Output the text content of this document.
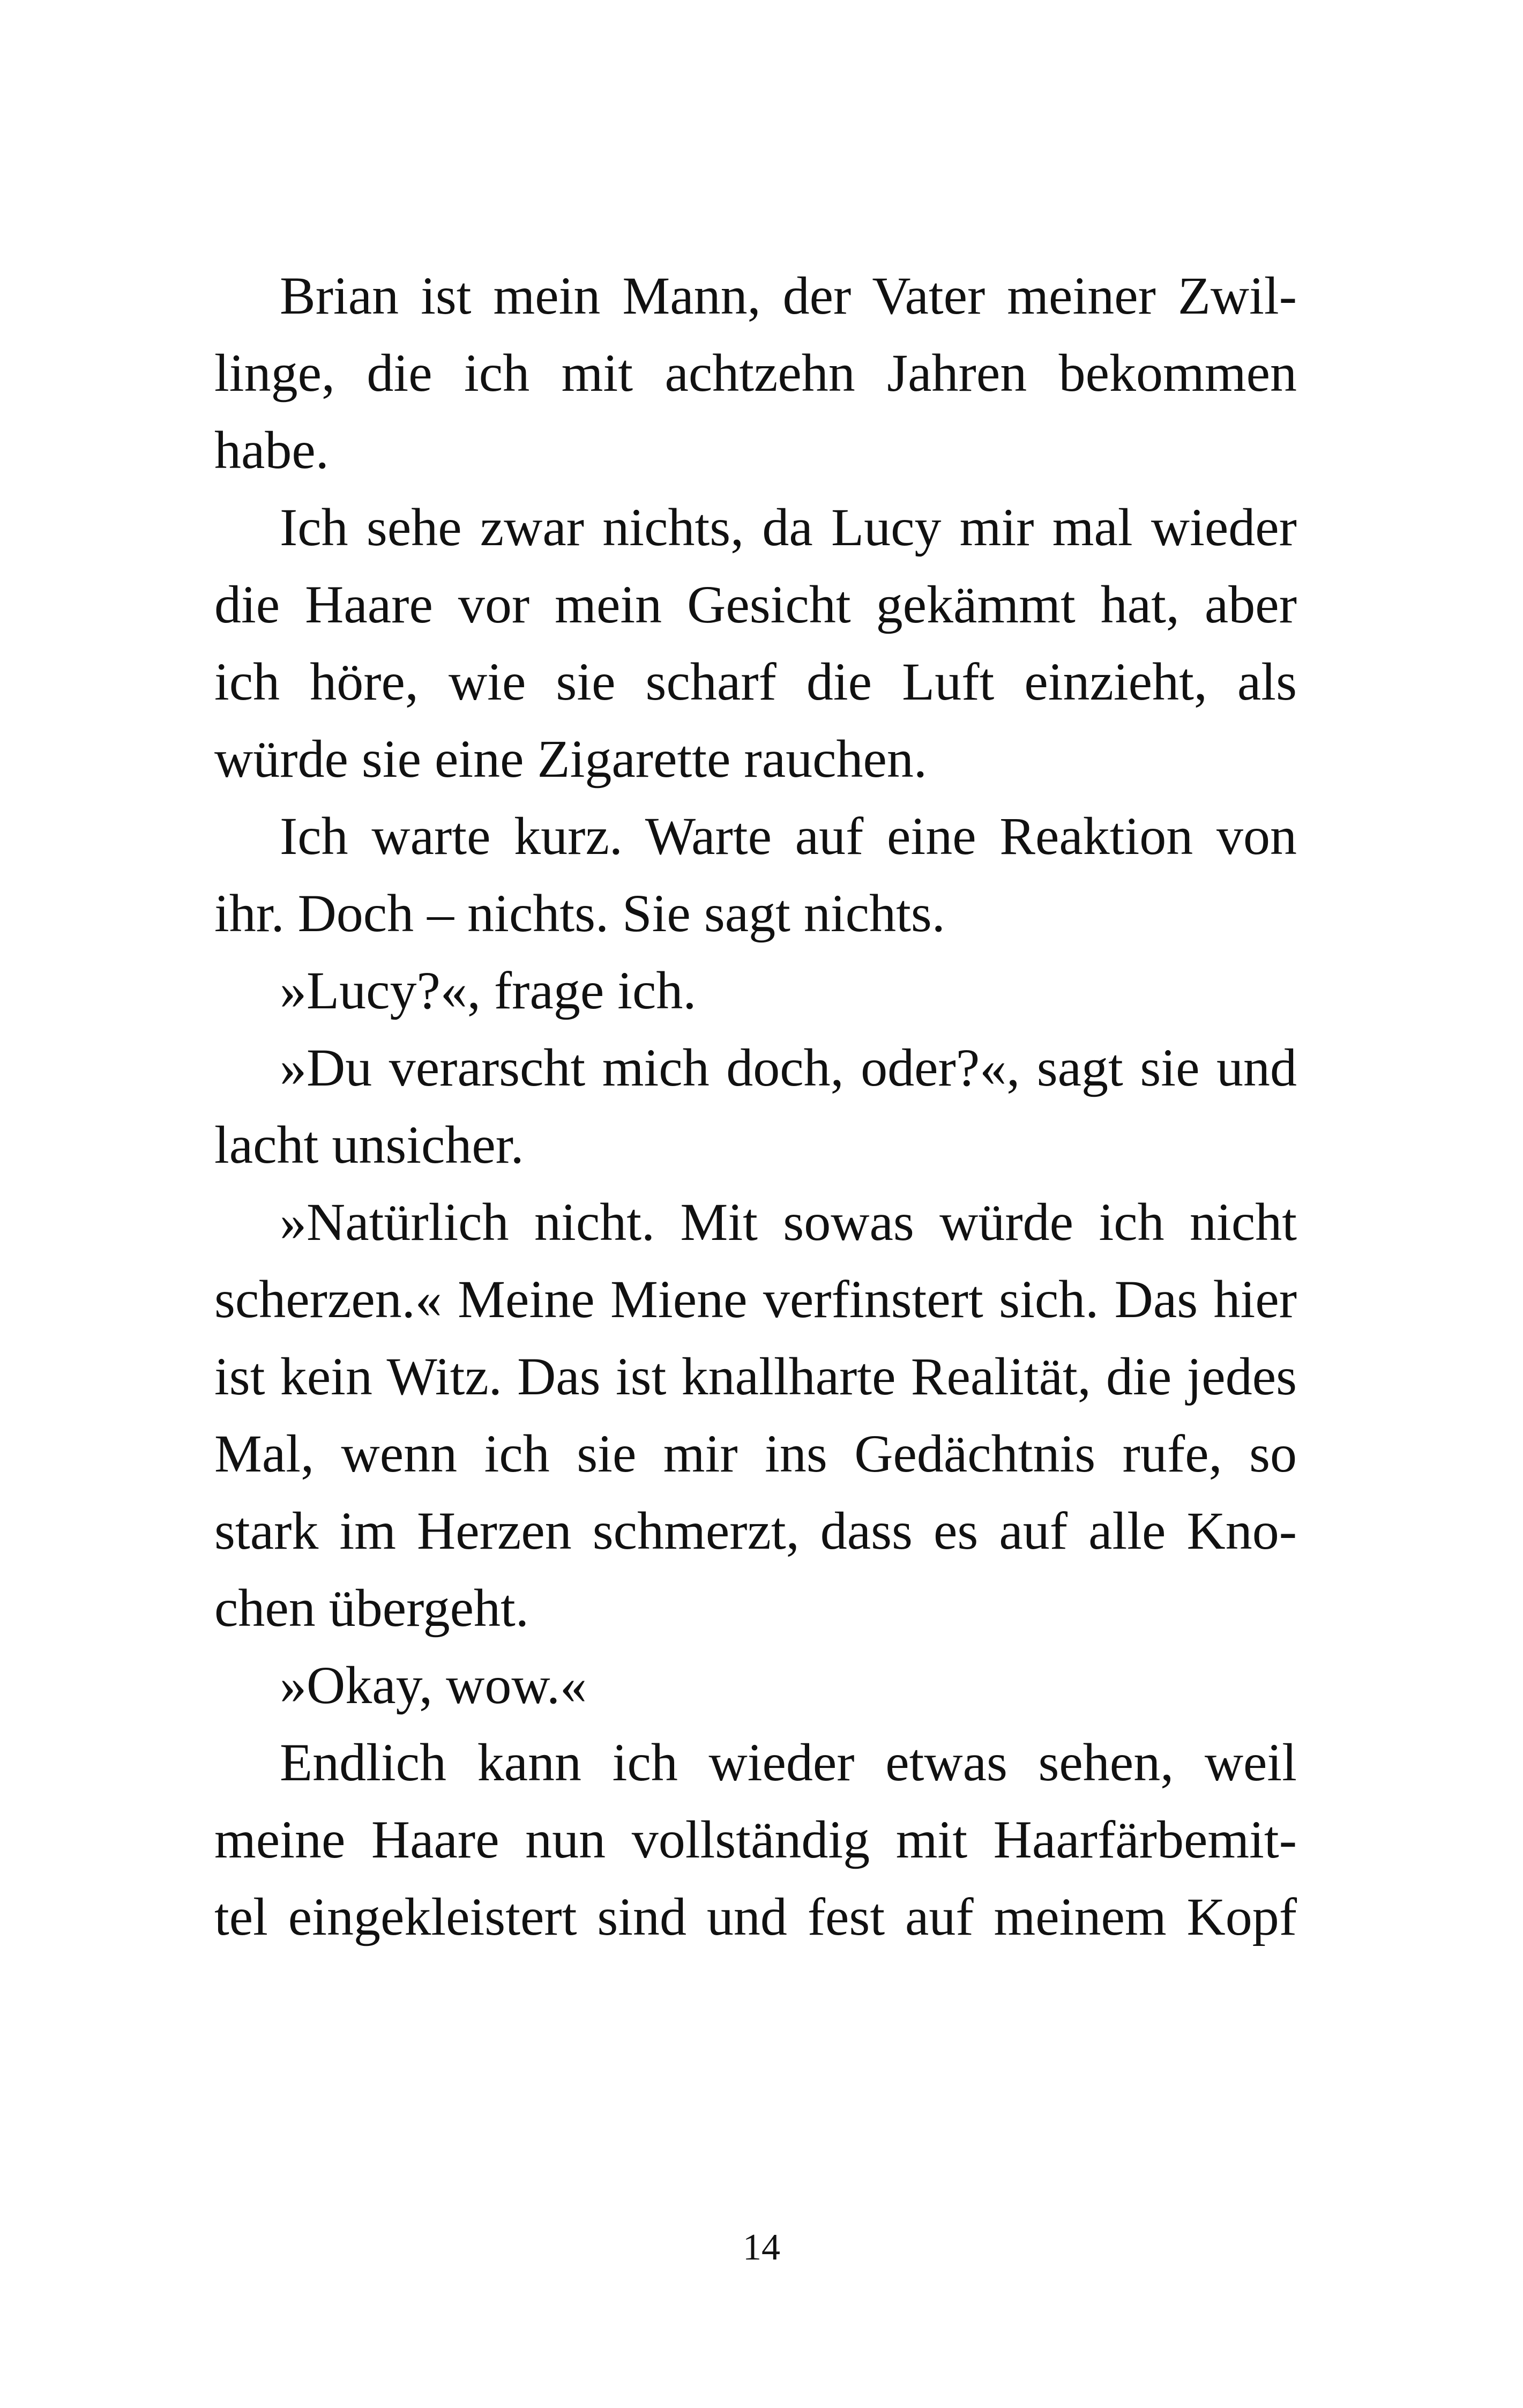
Brian ist mein Mann, der Vater meiner Zwil-
linge, die ich mit achtzehn Jahren bekommen
habe.
Ich sehe zwar nichts, da Lucy mir mal wieder
die Haare vor mein Gesicht gekämmt hat, aber
ich höre, wie sie scharf die Luft einzieht, als
würde sie eine Zigarette rauchen.
Ich warte kurz. Warte auf eine Reaktion von
ihr. Doch – nichts. Sie sagt nichts.
»Lucy?«, frage ich.
»Du verarscht mich doch, oder?«, sagt sie und
lacht unsicher.
»Natürlich nicht. Mit sowas würde ich nicht
scherzen.« Meine Miene verfinstert sich. Das hier
ist kein Witz. Das ist knallharte Realität, die jedes
Mal, wenn ich sie mir ins Gedächtnis rufe, so
stark im Herzen schmerzt, dass es auf alle Kno-
chen übergeht.
»Okay, wow.«
Endlich kann ich wieder etwas sehen, weil
meine Haare nun vollständig mit Haarfärbemit-
tel eingekleistert sind und fest auf meinem Kopf
14
